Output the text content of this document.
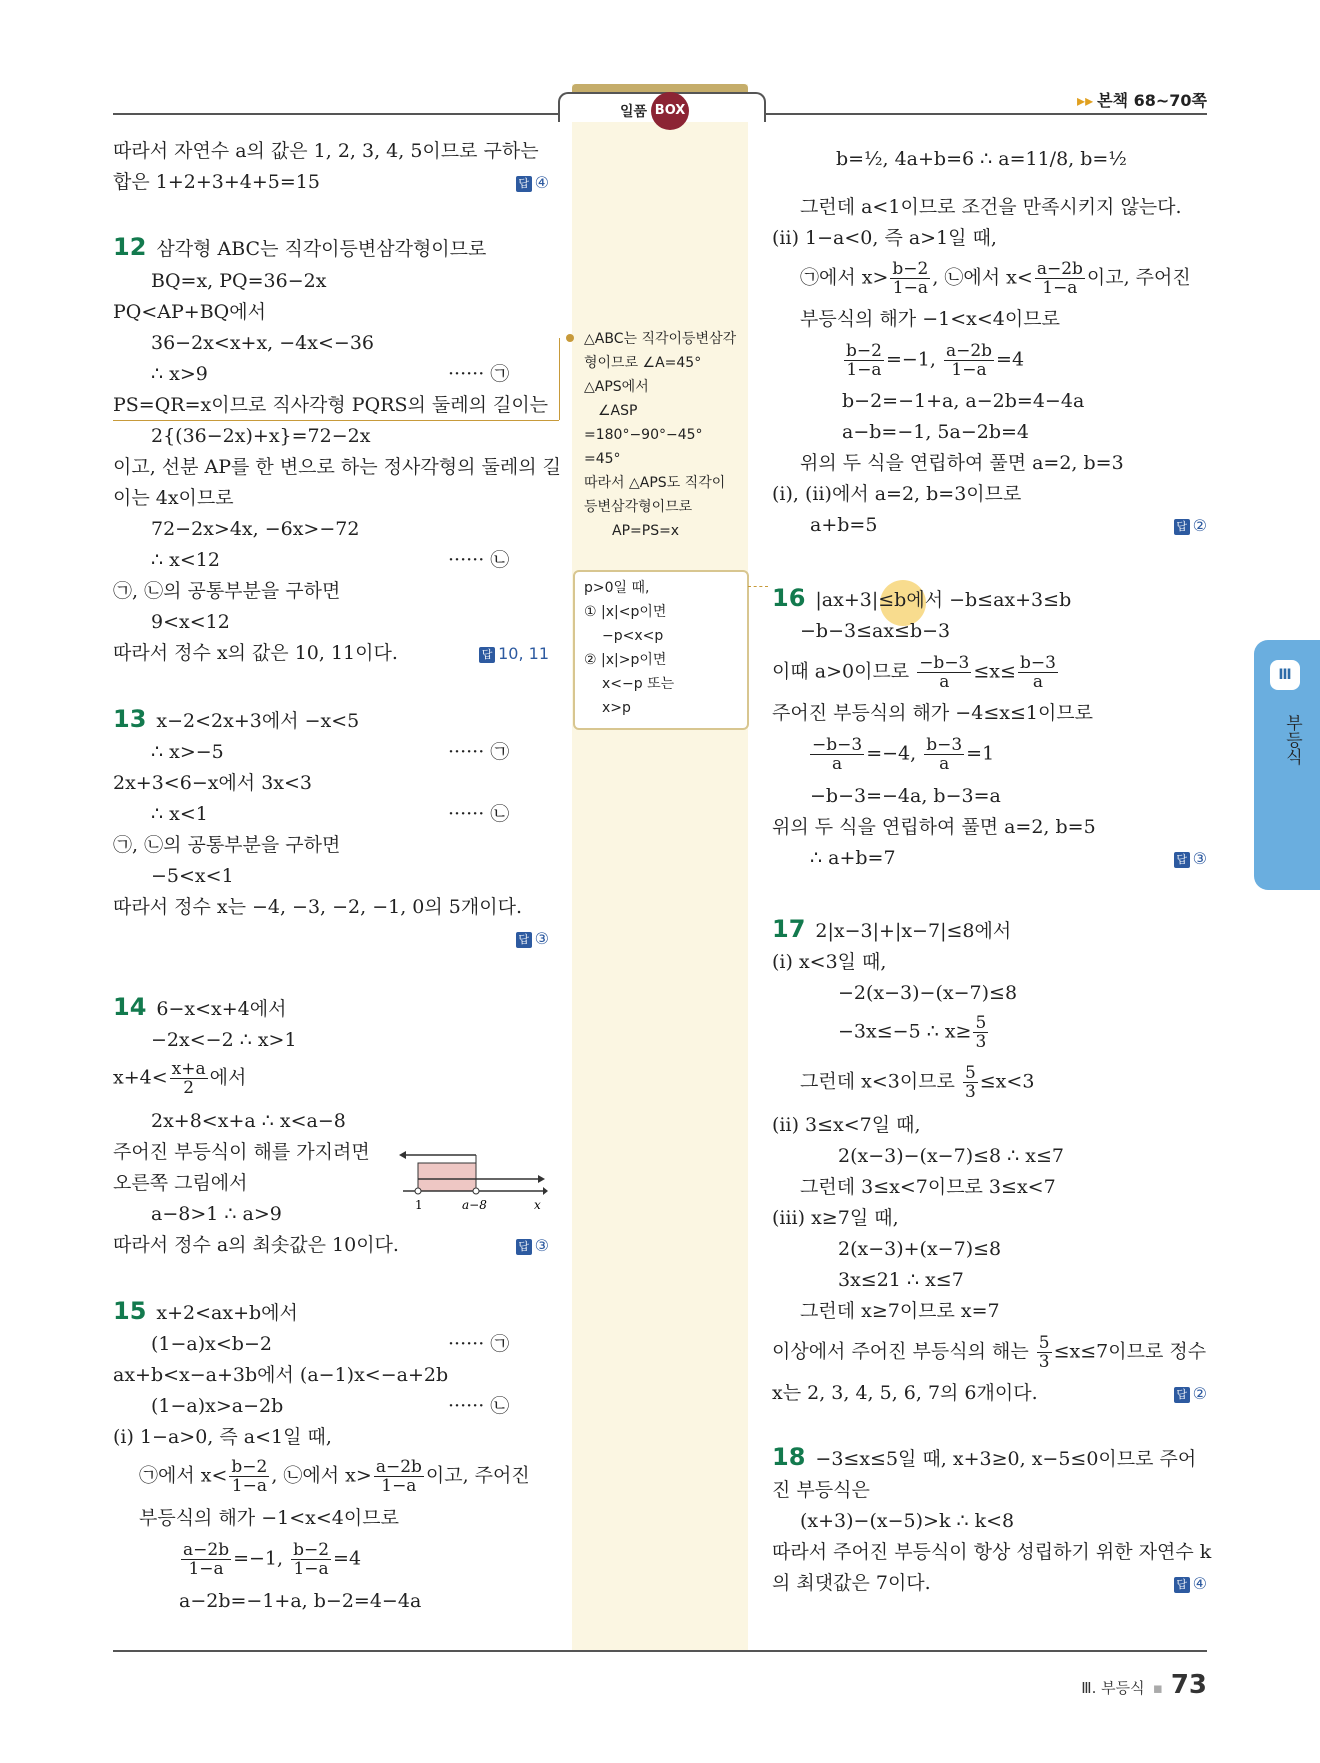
일품 BOX
▸▸ 본책 68~70쪽
따라서 자연수 a의 값은 1, 2, 3, 4, 5이므로 구하는
합은 1+2+3+4+5=15	답 ④
12 삼각형 ABC는 직각이등변삼각형이므로
BQ=x, PQ=36−2x
PQ<AP+BQ에서
36−2x<x+x, −4x<−36
∴ x>9	······ ㉠
PS=QR=x이므로 직사각형 PQRS의 둘레의 길이는
2{(36−2x)+x}=72−2x
이고, 선분 AP를 한 변으로 하는 정사각형의 둘레의 길
이는 4x이므로
72−2x>4x, −6x>−72
∴ x<12	······ ㉡
㉠, ㉡의 공통부분을 구하면
9<x<12
따라서 정수 x의 값은 10, 11이다.	답 10, 11
13 x−2<2x+3에서 −x<5
∴ x>−5	······ ㉠
2x+3<6−x에서 3x<3
∴ x<1	······ ㉡
㉠, ㉡의 공통부분을 구하면
−5<x<1
따라서 정수 x는 −4, −3, −2, −1, 0의 5개이다.
답 ③
14 6−x<x+4에서
−2x<−2 ∴ x>1
$x+4< \frac{x+a}{2}$ 에서
2x+8<x+a ∴ x<a−8
주어진 부등식이 해를 가지려면
오른쪽 그림에서
a−8>1 ∴ a>9
따라서 정수 a의 최솟값은 10이다.	답 ③
1	a−8	x
15 x+2<ax+b에서
(1−a)x<b−2	······ ㉠
ax+b<x−a+3b에서 (a−1)x<−a+2b
(1−a)x>a−2b	······ ㉡
(ⅰ) 1−a>0, 즉 a<1일 때,
㉠에서 $x< \frac{b-2}{1-a}$ , ㉡에서 $x> \frac{a-2b}{1-a}$ 이고, 주어진
부등식의 해가 −1<x<4이므로
$\frac{a-2b}{1-a} =-1$, $\frac{b-2}{1-a} =4$
a−2b=−1+a, b−2=4−4a
△ABC는 직각이등변삼각
형이므로 ∠A=45°
△APS에서
∠ASP
=180°−90°−45°
=45°
따라서 △APS도 직각이
등변삼각형이므로
AP=PS=x
p>0일 때,
① |x|<p이면
−p<x<p
② |x|>p이면
x<−p 또는
x>p
b=½, 4a+b=6 ∴ a=11/8, b=½
그런데 a<1이므로 조건을 만족시키지 않는다.
(ⅱ) 1−a<0, 즉 a>1일 때,
㉠에서 $x> \frac{b-2}{1-a}$ , ㉡에서 $x< \frac{a-2b}{1-a}$ 이고, 주어진
부등식의 해가 −1<x<4이므로
$\frac{b-2}{1-a} =-1$, $\frac{a-2b}{1-a} =4$
b−2=−1+a, a−2b=4−4a
a−b=−1, 5a−2b=4
위의 두 식을 연립하여 풀면 a=2, b=3
(ⅰ), (ⅱ)에서 a=2, b=3이므로
a+b=5	답 ②
16 |ax+3|≤b에서 −b≤ax+3≤b
−b−3≤ax≤b−3
이때 a>0이므로 $\frac{-b-3}{a} \le x\le \frac{b-3}{a}$
주어진 부등식의 해가 −4≤x≤1이므로
$\frac{-b-3}{a} =-4$, $\frac{b-3}{a} =1$
−b−3=−4a, b−3=a
위의 두 식을 연립하여 풀면 a=2, b=5
∴ a+b=7	답 ③
17 2|x−3|+|x−7|≤8에서
(ⅰ) x<3일 때,
−2(x−3)−(x−7)≤8
−3x≤−5 ∴ $x\ge \frac{5}{3}$
그런데 x<3이므로 $\frac{5}{3} \le x<3$
(ⅱ) 3≤x<7일 때,
2(x−3)−(x−7)≤8 ∴ x≤7
그런데 3≤x<7이므로 3≤x<7
(ⅲ) x≥7일 때,
2(x−3)+(x−7)≤8
3x≤21 ∴ x≤7
그런데 x≥7이므로 x=7
이상에서 주어진 부등식의 해는 $\frac{5}{3} \le x\le 7$이므로 정수
x는 2, 3, 4, 5, 6, 7의 6개이다.	답 ②
18 −3≤x≤5일 때, x+3≥0, x−5≤0이므로 주어
진 부등식은
(x+3)−(x−5)>k ∴ k<8
따라서 주어진 부등식이 항상 성립하기 위한 자연수 k
의 최댓값은 7이다.	답 ④
Ⅲ
부등식
Ⅲ. 부등식 ▪ 73
